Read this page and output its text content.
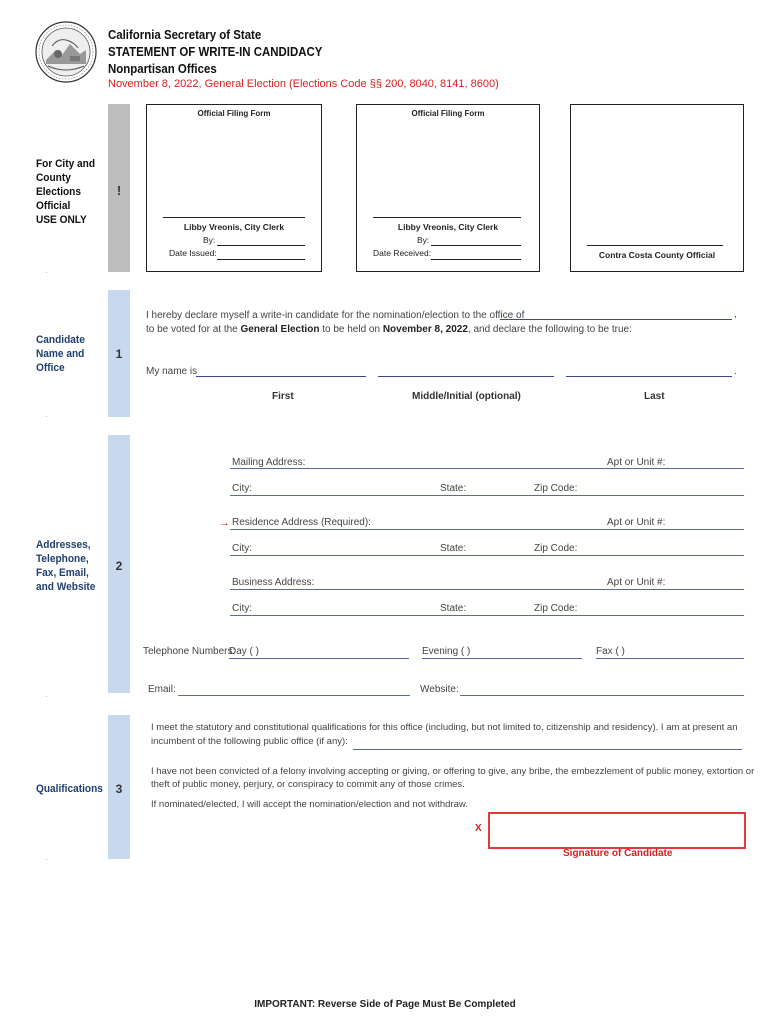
California Secretary of State
STATEMENT OF WRITE-IN CANDIDACY
Nonpartisan Offices
November 8, 2022, General Election (Elections Code §§ 200, 8040, 8141, 8600)
!
For City and
County
Elections
Official
USE ONLY
·
Official Filing Form
Libby Vreonis, City Clerk
By:
Date Issued:
Official Filing Form
Libby Vreonis, City Clerk
By:
Date Received:	Contra Costa County Official
1
Candidate
Name and
Office
·
I hereby declare myself a write-in candidate for the nomination/election to the office of	,
to be voted for at the General Election to be held on November 8, 2022, and declare the following to be true:
My name is	.
First	Middle/Initial (optional)	Last
2
Addresses,
Telephone,
Fax, Email,
and Website
·
Mailing Address:	Apt or Unit #:
City:	State:	Zip Code:
→ Residence Address (Required):	Apt or Unit #:
City:	State:	Zip Code:
Business Address:	Apt or Unit #:
City:	State:	Zip Code:
Telephone Numbers:
Day ( )	Evening ( )	Fax ( )
Email:	Website:
3
Qualifications
·
I meet the statutory and constitutional qualifications for this office (including, but not limited to, citizenship and residency). I am at present an
incumbent of the following public office (if any):
I have not been convicted of a felony involving accepting or giving, or offering to give, any bribe, the embezzlement of public money, extortion or
theft of public money, perjury, or conspiracy to commit any of those crimes.
If nominated/elected, I will accept the nomination/election and not withdraw.
X
Signature of Candidate
IMPORTANT: Reverse Side of Page Must Be Completed
